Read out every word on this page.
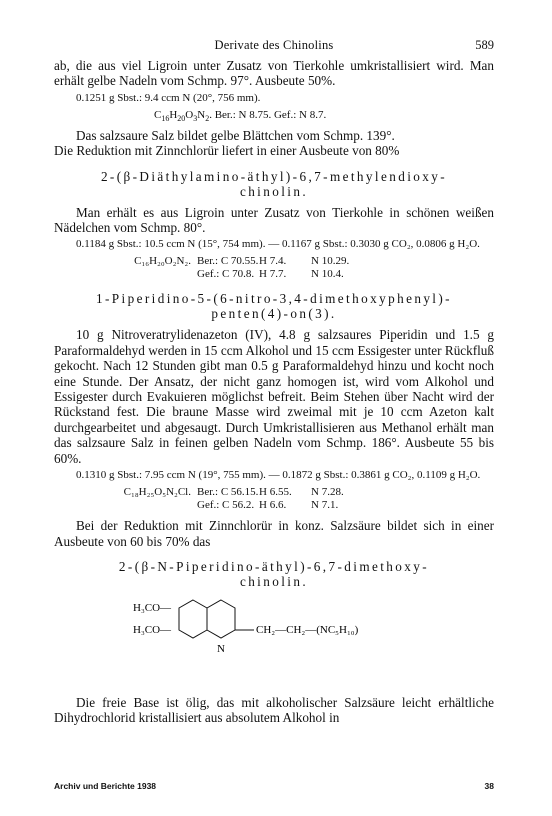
Derivate des Chinolins	589

ab, die aus viel Ligroin unter Zusatz von Tierkohle umkristallisiert wird. Man erhält gelbe Nadeln vom Schmp. 97°. Ausbeute 50%.

0.1251 g Sbst.: 9.4 ccm N (20°, 756 mm).

$C_{16}H_{20}O_3N_2$. Ber.: N 8.75. Gef.: N 8.7.

Das salzsaure Salz bildet gelbe Blättchen vom Schmp. 139°.

Die Reduktion mit Zinnchlorür liefert in einer Ausbeute von 80%

2-(β-Diäthylamino-äthyl)-6,7-methylendioxy-
chinolin.

Man erhält es aus Ligroin unter Zusatz von Tierkohle in schönen weißen Nädelchen vom Schmp. 80°.

0.1184 g Sbst.: 10.5 ccm N (15°, 754 mm). — 0.1167 g Sbst.: 0.3030 g CO₂, 0.0806 g H₂O.

C₁₆H₂₀O₂N₂. Ber.: C 70.55. H 7.4.	N 10.29.
Gef.: C 70.8. H 7.7.	N 10.4.
1-Piperidino-5-(6-nitro-3,4-dimethoxyphenyl)-
penten(4)-on(3).

10 g Nitroveratrylidenazeton (IV), 4.8 g salzsaures Piperidin und 1.5 g Paraformaldehyd werden in 15 ccm Alkohol und 15 ccm Essigester unter Rückfluß gekocht. Nach 12 Stunden gibt man 0.5 g Paraformaldehyd hinzu und kocht noch eine Stunde. Der Ansatz, der nicht ganz homogen ist, wird vom Alkohol und Essigester durch Evakuieren möglichst befreit. Beim Stehen über Nacht wird der Rückstand fest. Die braune Masse wird zweimal mit je 10 ccm Azeton kalt durchgearbeitet und abgesaugt. Durch Umkristallisieren aus Methanol erhält man das salzsaure Salz in feinen gelben Nadeln vom Schmp. 186°. Ausbeute 55 bis 60%.

0.1310 g Sbst.: 7.95 ccm N (19°, 755 mm). — 0.1872 g Sbst.: 0.3861 g CO₂, 0.1109 g H₂O.

C₁₈H₂₅O₅N₂Cl. Ber.: C 56.15. H 6.55.	N 7.28.
Gef.: C 56.2. H 6.6.	N 7.1.

Bei der Reduktion mit Zinnchlorür in konz. Salzsäure bildet sich in einer Ausbeute von 60 bis 70% das

2-(β-N-Piperidino-äthyl)-6,7-dimethoxy-
chinolin.
H₃CO—
H₃CO—	CH₂—CH₂—(NC₅H₁₀)
N

Die freie Base ist ölig, das mit alkoholischer Salzsäure leicht erhältliche Dihydrochlorid kristallisiert aus absolutem Alkohol in

Archiv und Berichte 1938	38
